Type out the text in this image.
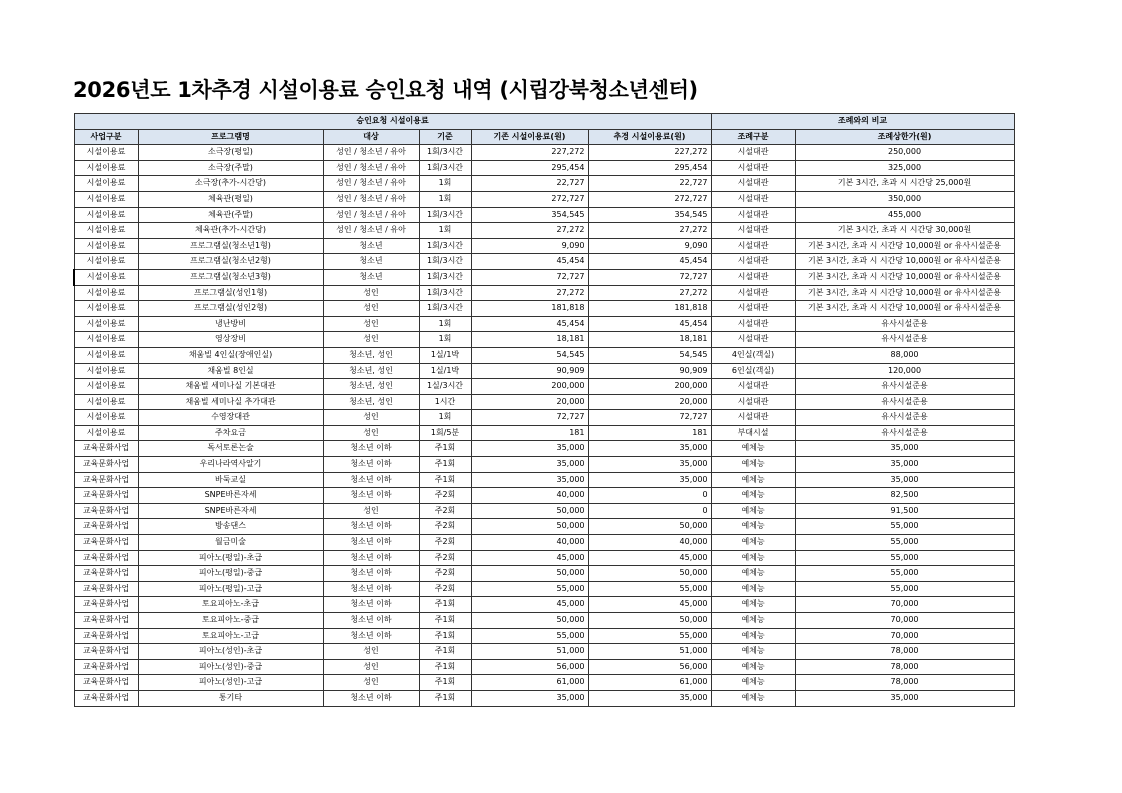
2026년도 1차추경 시설이용료 승인요청 내역 (시립강북청소년센터)
승인요청 시설이용료						조례와의 비교	
사업구분	프로그램명	대상	기준	기존 시설이용료(원)	추경 시설이용료(원)	조례구분	조례상한가(원)
시설이용료	소극장(평일)	성인 / 청소년 / 유아	1회/3시간	227,272	227,272	시설대관	250,000
시설이용료	소극장(주말)	성인 / 청소년 / 유아	1회/3시간	295,454	295,454	시설대관	325,000
시설이용료	소극장(추가-시간당)	성인 / 청소년 / 유아	1회	22,727	22,727	시설대관	기본 3시간, 초과 시 시간당 25,000원
시설이용료	체육관(평일)	성인 / 청소년 / 유아	1회	272,727	272,727	시설대관	350,000
시설이용료	체육관(주말)	성인 / 청소년 / 유아	1회/3시간	354,545	354,545	시설대관	455,000
시설이용료	체육관(추가-시간당)	성인 / 청소년 / 유아	1회	27,272	27,272	시설대관	기본 3시간, 초과 시 시간당 30,000원
시설이용료	프로그램실(청소년1형)	청소년	1회/3시간	9,090	9,090	시설대관	기본 3시간, 초과 시 시간당 10,000원 or 유사시설준용
시설이용료	프로그램실(청소년2형)	청소년	1회/3시간	45,454	45,454	시설대관	기본 3시간, 초과 시 시간당 10,000원 or 유사시설준용
시설이용료	프로그램실(청소년3형)	청소년	1회/3시간	72,727	72,727	시설대관	기본 3시간, 초과 시 시간당 10,000원 or 유사시설준용
시설이용료	프로그램실(성인1형)	성인	1회/3시간	27,272	27,272	시설대관	기본 3시간, 초과 시 시간당 10,000원 or 유사시설준용
시설이용료	프로그램실(성인2형)	성인	1회/3시간	181,818	181,818	시설대관	기본 3시간, 초과 시 시간당 10,000원 or 유사시설준용
시설이용료	냉난방비	성인	1회	45,454	45,454	시설대관	유사시설준용
시설이용료	영상장비	성인	1회	18,181	18,181	시설대관	유사시설준용
시설이용료	채움빌 4인실(장애인실)	청소년, 성인	1실/1박	54,545	54,545	4인실(객실)	88,000
시설이용료	채움빌 8인실	청소년, 성인	1실/1박	90,909	90,909	6인실(객실)	120,000
시설이용료	채움빌 세미나실 기본대관	청소년, 성인	1실/3시간	200,000	200,000	시설대관	유사시설준용
시설이용료	채움빌 세미나실 추가대관	청소년, 성인	1시간	20,000	20,000	시설대관	유사시설준용
시설이용료	수영장대관	성인	1회	72,727	72,727	시설대관	유사시설준용
시설이용료	주차요금	성인	1회/5분	181	181	부대시설	유사시설준용
교육문화사업	독서토론논술	청소년 이하	주1회	35,000	35,000	예체능	35,000
교육문화사업	우리나라역사알기	청소년 이하	주1회	35,000	35,000	예체능	35,000
교육문화사업	바둑교실	청소년 이하	주1회	35,000	35,000	예체능	35,000
교육문화사업	SNPE바른자세	청소년 이하	주2회	40,000	0	예체능	82,500
교육문화사업	SNPE바른자세	성인	주2회	50,000	0	예체능	91,500
교육문화사업	방송댄스	청소년 이하	주2회	50,000	50,000	예체능	55,000
교육문화사업	월금미술	청소년 이하	주2회	40,000	40,000	예체능	55,000
교육문화사업	피아노(평일)-초급	청소년 이하	주2회	45,000	45,000	예체능	55,000
교육문화사업	피아노(평일)-중급	청소년 이하	주2회	50,000	50,000	예체능	55,000
교육문화사업	피아노(평일)-고급	청소년 이하	주2회	55,000	55,000	예체능	55,000
교육문화사업	토요피아노-초급	청소년 이하	주1회	45,000	45,000	예체능	70,000
교육문화사업	토요피아노-중급	청소년 이하	주1회	50,000	50,000	예체능	70,000
교육문화사업	토요피아노-고급	청소년 이하	주1회	55,000	55,000	예체능	70,000
교육문화사업	피아노(성인)-초급	성인	주1회	51,000	51,000	예체능	78,000
교육문화사업	피아노(성인)-중급	성인	주1회	56,000	56,000	예체능	78,000
교육문화사업	피아노(성인)-고급	성인	주1회	61,000	61,000	예체능	78,000
교육문화사업	통기타	청소년 이하	주1회	35,000	35,000	예체능	35,000
